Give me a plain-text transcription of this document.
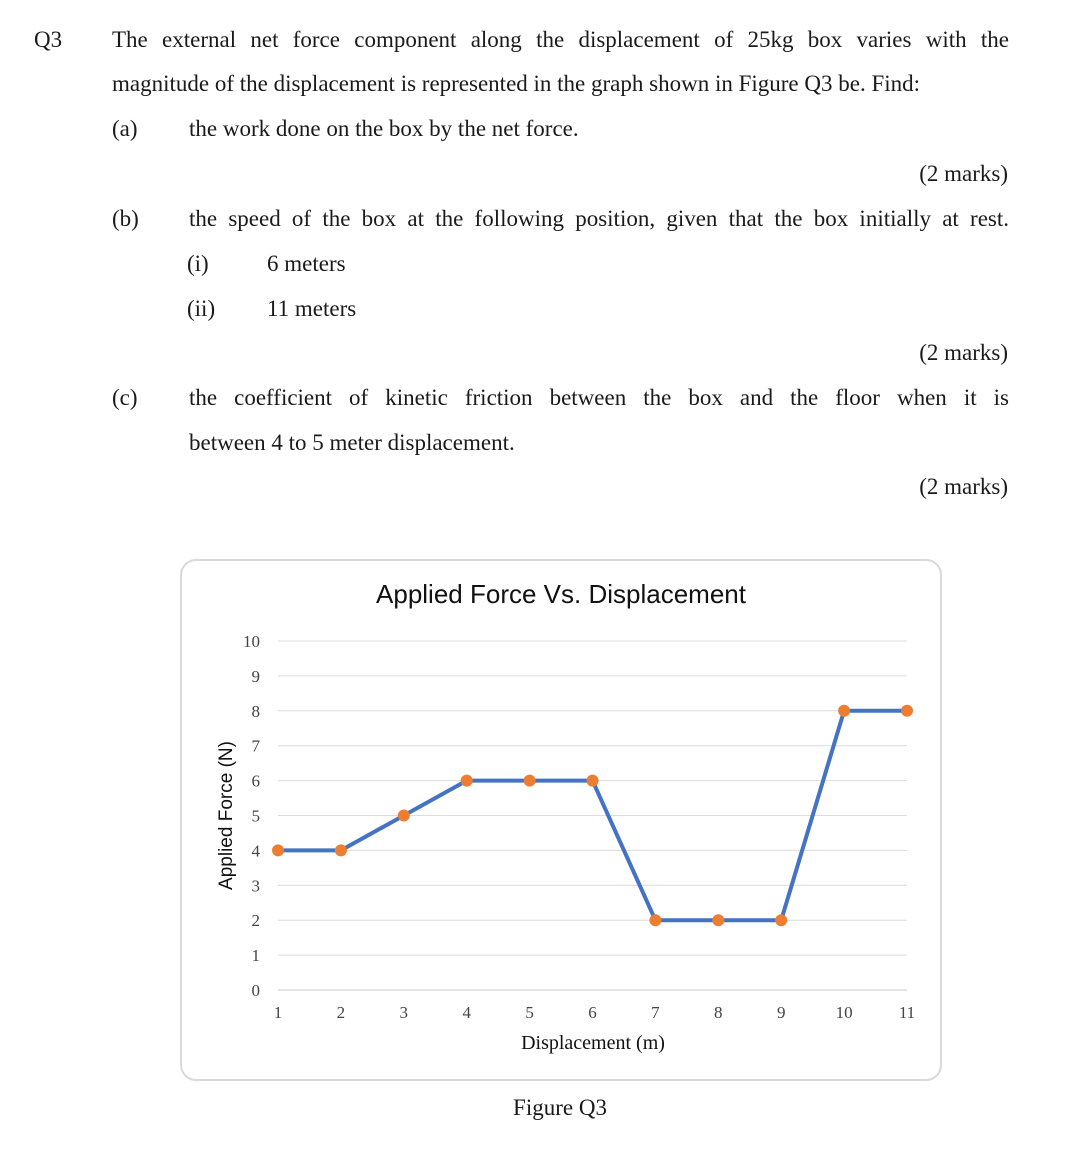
Q3 The external net force component along the displacement of 25kg box varies with the
magnitude of the displacement is represented in the graph shown in Figure Q3 be. Find:
(a) the work done on the box by the net force.
(2 marks)
(b) the speed of the box at the following position, given that the box initially at rest.
(i)	6 meters
(ii) 11 meters
(2 marks)
(c) the coefficient of kinetic friction between the box and the floor when it is
between 4 to 5 meter displacement.
(2 marks)
Applied Force Vs. Displacement
0
1
2
3
4
5
6
7
8
9
10
1	2	3	4	5	6	7	8	9	10	11
Displacement (m)
Applied Force (N)
Figure Q3
